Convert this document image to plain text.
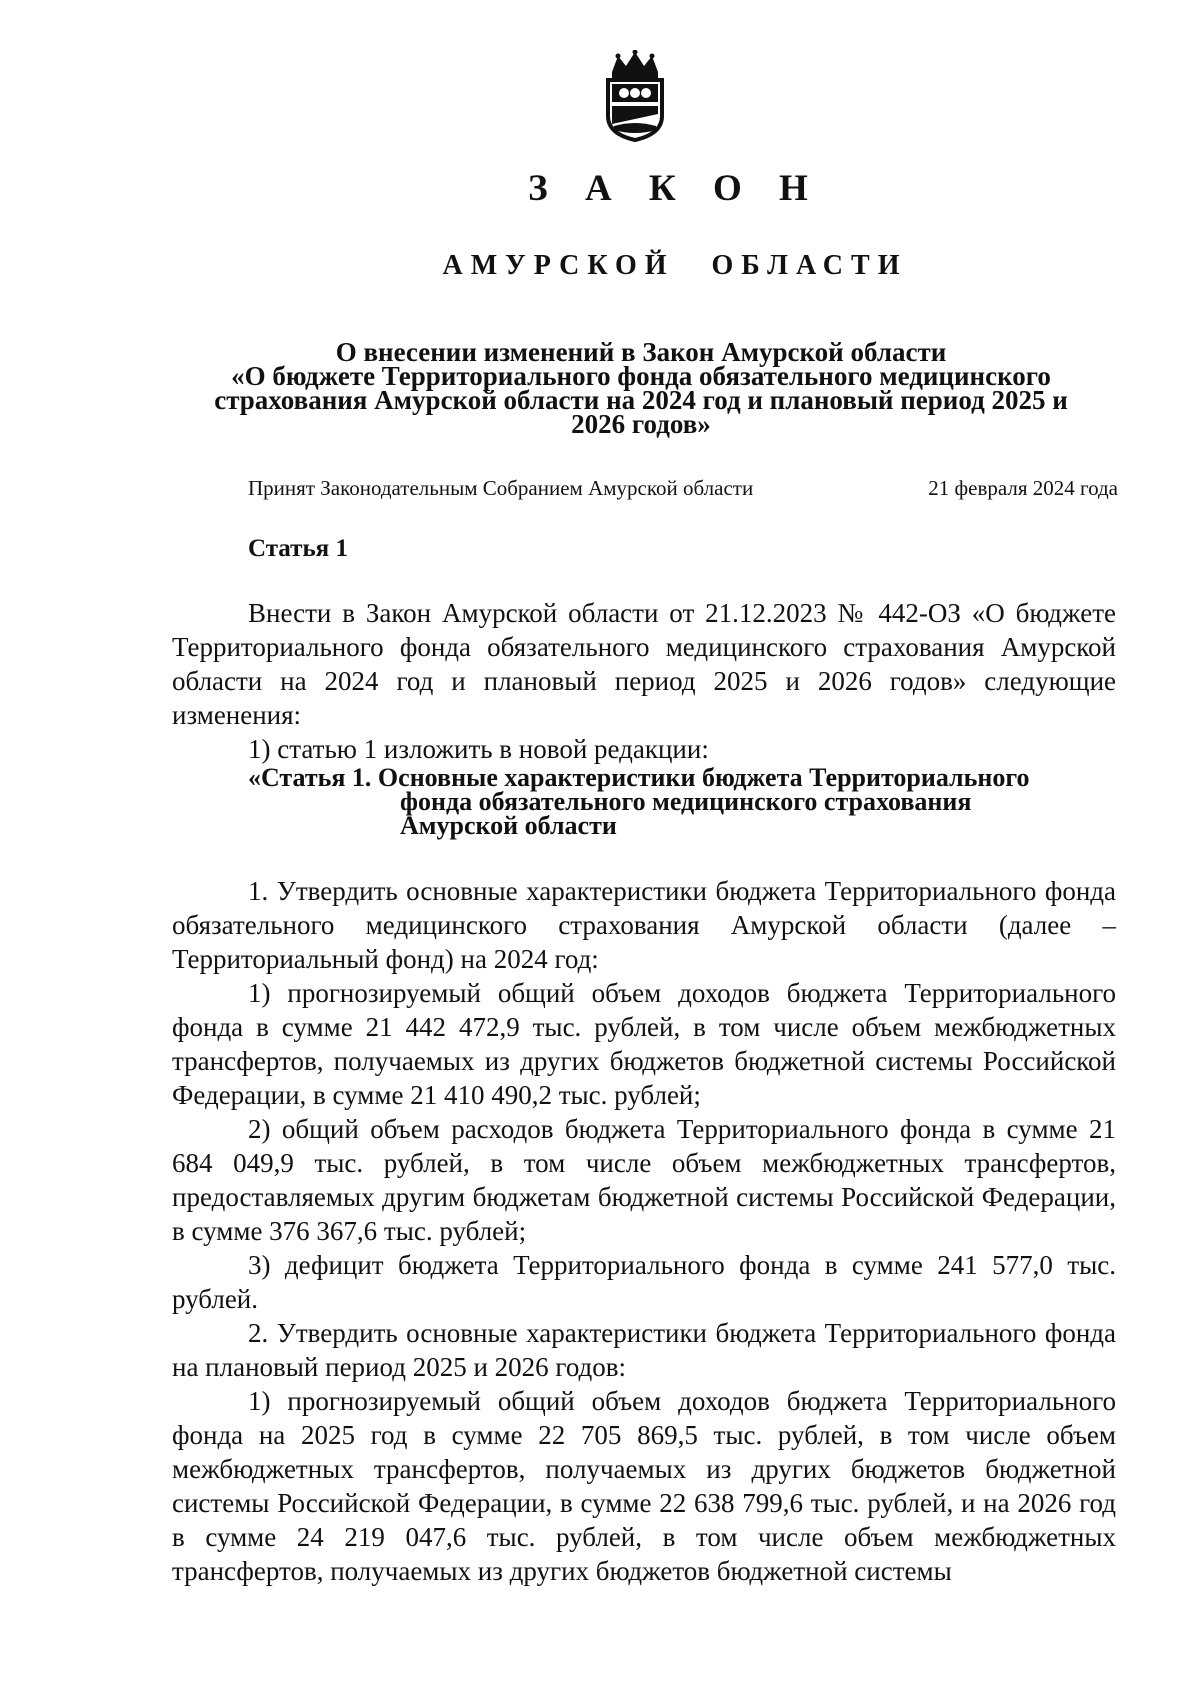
З А К О Н
АМУРСКОЙ ОБЛАСТИ
О внесении изменений в Закон Амурской области
«О бюджете Территориального фонда обязательного медицинского
страхования Амурской области на 2024 год и плановый период 2025 и
2026 годов»
Принят Законодательным Собранием Амурской области	21 февраля 2024 года
Статья 1

Внести в Закон Амурской области от 21.12.2023 № 442-ОЗ «О бюджете Территориального фонда обязательного медицинского страхования Амурской области на 2024 год и плановый период 2025 и 2026 годов» следующие изменения:

1) статью 1 изложить в новой редакции:

«Статья 1. Основные характеристики бюджета Территориального
фонда обязательного медицинского страхования
Амурской области

1. Утвердить основные характеристики бюджета Территориального фонда обязательного медицинского страхования Амурской области (далее – Территориальный фонд) на 2024 год:

1) прогнозируемый общий объем доходов бюджета Территориального фонда в сумме 21 442 472,9 тыс. рублей, в том числе объем межбюджетных трансфертов, получаемых из других бюджетов бюджетной системы Российской Федерации, в сумме 21 410 490,2 тыс. рублей;

2) общий объем расходов бюджета Территориального фонда в сумме 21 684 049,9 тыс. рублей, в том числе объем межбюджетных трансфертов, предоставляемых другим бюджетам бюджетной системы Российской Федерации, в сумме 376 367,6 тыс. рублей;

3) дефицит бюджета Территориального фонда в сумме 241 577,0 тыс. рублей.

2. Утвердить основные характеристики бюджета Территориального фонда на плановый период 2025 и 2026 годов:

1) прогнозируемый общий объем доходов бюджета Территориального фонда на 2025 год в сумме 22 705 869,5 тыс. рублей, в том числе объем межбюджетных трансфертов, получаемых из других бюджетов бюджетной системы Российской Федерации, в сумме 22 638 799,6 тыс. рублей, и на 2026 год в сумме 24 219 047,6 тыс. рублей, в том числе объем межбюджетных трансфертов, получаемых из других бюджетов бюджетной системы
